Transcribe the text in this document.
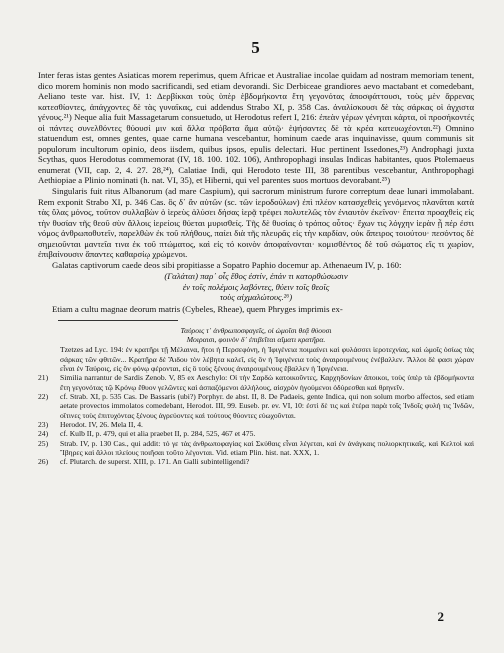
5

Inter feras istas gentes Asiaticas morem reperimus, quem Africae et Australiae incolae quidam ad nostram memoriam tenent, dico morem hominis non modo sacrificandi, sed etiam devorandi. Sic Derbiceae grandiores aevo mactabant et comedebant, Aeliano teste var. hist. IV, 1: Δερβίκκαι τοὺς ὑπὲρ ἑβδομήκοντα ἔτη γεγονότας ἀποσφάττουσι, τοὺς μὲν ἄρρενας κατεσθίοντες, ἀπάγχοντες δὲ τὰς γυναῖκας, cui addendus Strabo XI, p. 358 Cas. ἀναλίσκουσι δὲ τὰς σάρκας οἱ ἀγχιστα γένους.²¹) Neque alia fuit Massagetarum consuetudo, ut Herodotus refert I, 216: ἐπεὰν γέρων γένηται κάρτα, οἱ προσήκοντές οἱ πάντες συνελθόντες θύουσί μιν καὶ ἄλλα πρόβατα ἅμα αὐτῷ· ἑψήσαντες δὲ τὰ κρέα κατευωχέονται.²²) Omnino statuendum est, omnes gentes, quae carne humana vescebantur, hominum caede aras inquinavisse, quum communis sit populorum incultorum opinio, deos iisdem, quibus ipsos, epulis delectari. Huc pertinent Issedones,²³) Androphagi juxta Scythas, quos Herodotus commemorat (IV, 18. 100. 102. 106), Anthropophagi insulas Indicas habitantes, quos Ptolemaeus enumerat (VII, cap. 2, 4. 27. 28,²⁴), Calatiae Indi, qui Herodoto teste III, 38 parentibus vescebantur, Anthropophagi Aethiopiae a Plinio nominati (h. nat. VI, 35), et Hiberni, qui vel parentes suos mortuos devorabant.²⁵)

Singularis fuit ritus Albanorum (ad mare Caspium), qui sacrorum ministrum furore correptum deae lunari immolabant. Rem exponit Strabo XI, p. 346 Cas. ὃς δ᾽ ἂν αὐτῶν (sc. τῶν ἱεροδούλων) ἐπὶ πλέον κατασχεθεὶς γενόμενος πλανᾶται κατὰ τὰς ὕλας μόνος, τοῦτον συλλαβὼν ὁ ἱερεὺς ἁλύσει δήσας ἱερᾷ τρέφει πολυτελῶς τὸν ἐνιαυτὸν ἐκεῖνον· ἔπειτα προαχθεὶς εἰς τὴν θυσίαν τῆς θεοῦ σὺν ἄλλοις ἱερείοις θύεται μυρισθείς. Τῆς δὲ θυσίας ὁ τρόπος οὗτος· ἔχων τις λόγχην ἱερὰν ᾗ πέρ ἐστι νόμος ἀνθρωποθυτεῖν, παρελθὼν ἐκ τοῦ πλήθους, παίει διὰ τῆς πλευρᾶς εἰς τὴν καρδίαν, οὐκ ἄπειρος τοιούτου· πεσόντος δὲ σημειοῦνται μαντεῖα τινα ἐκ τοῦ πτώματος, καὶ εἰς τό κοινὸν ἀποφαίνονται· κομισθέντος δὲ τοῦ σώματος εἴς τι χωρίον, ἐπιβαίνουσιν ἅπαντες καθαρσίῳ χρώμενοι.

Galatas captivorum caede deos sibi propitiasse a Sopatro Paphio docemur ap. Athenaeum IV, p. 160:

(Γαλάται) παρ᾽ οἷς ἔθος ἐστίν, ἐπάν τι κατορθώσωσιν
ἐν τοῖς πολέμοις λαβόντες, θύειν τοῖς θεοῖς
τοὺς αἰχμαλώτους.²⁶)

Etiam a cultu magnae deorum matris (Cybeles, Rheae), quem Phryges imprimis ex-

Ταύροις τ᾽ ἀνθρωποσφαγεῖς, οἱ ὠμοῖσι θεᾷ θύουσι
Μοιραισι, φοινὸν δ᾽ ἐπιβεῖται αἵματι κρατῆρα.

Tzetzes ad Lyc. 194: ἐν κρατῆρι τῇ Μέλαινα, ἤτοι ἡ Περσεφόνη, ἡ Ἰφιγένεια ποιμαίνει καὶ φυλάσσει ἱεροτεχνίας, καὶ ὠμοῖς ὁσίως τὰς σάρκας τῶν φθιτῶν... Κρατῆρα δὲ Ἅιδου τὸν λέβητα καλεῖ, εἰς ὃν ἡ Ἰφιγένεια τοὺς ἀναιρουμένους ἐνέβαλλεν. Ἄλλοι δὲ φασι χώραν εἶναι ἐν Ταύροις, εἰς ὃν φόνῳ φέρονται, εἰς ὃ τοὺς ξένους ἀναιρουμένους ἔβαλλεν ἡ Ἰφιγένεια.

21)	Similia narrantur de Sardis Zenob. V, 85 ex Aeschylo: Οἱ τὴν Σαρδὼ κατοικοῦντες, Καρχηδονίων ἄποικοι, τοὺς ὑπὲρ τὰ ἑβδομήκοντα ἔτη γεγονότας τῷ Κρόνῳ ἔθυον γελῶντες καὶ ἀσπαζόμενοι ἀλλήλους, αἰσχρὸν ἡγούμενοι ὀδύρεσθαι καὶ θρηνεῖν.
22)	cf. Strab. XI, p. 535 Cas. De Bassaris (ubi?) Porphyr. de abst. II, 8. De Padaeis, gente Indica, qui non solum morbo affectos, sed etiam aetate provectos immolatos comedebant, Herodot. III, 99. Euseb. pr. ev. VI, 10: ἐστὶ δὲ τις καὶ ἑτέρα παρὰ τοῖς Ἰνδοῖς φυλή τις Ἰνδῶν, οἵτινες τοὺς ἐπιτυχόντας ξένους ἀγρεύοντες καὶ τούτους θύοντες εὐωχοῦνται.
23)	Herodot. IV, 26. Mela II, 4.
24)	cf. Kulb II, p. 479, qui et alia praebet II, p. 284, 525, 467 et 475.
25)	Strab. IV, p. 130 Cas., qui addit: τό γε τὰς ἀνθρωποφαγίας καὶ Σκύθαις εἶναι λέγεται, καὶ ἐν ἀνάγκαις πολιορκητικαῖς, καὶ Κελτοὶ καὶ Ἴβηρες καὶ ἄλλοι πλείους ποιῆσαι τοῦτο λέγονται. Vid. etiam Plin. hist. nat. XXX, 1.
26)	cf. Plutarch. de superst. XIII, p. 171. An Galli subintelligendi?
2
